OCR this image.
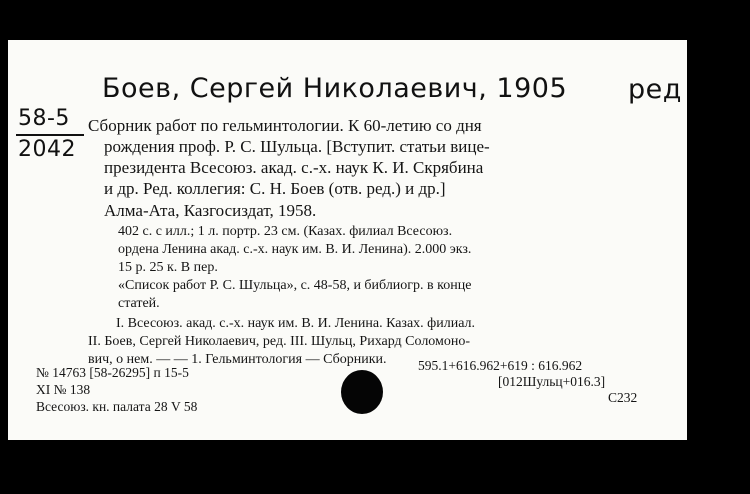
Боев, Сергей Николаевич, 1905 ред
58-5
2042
Сборник работ по гельминтологии. К 60-летию со дня
рождения проф. Р. С. Шульца. [Вступит. статьи вице-
президента Всесоюз. акад. с.-х. наук К. И. Скрябина
и др. Ред. коллегия: С. Н. Боев (отв. ред.) и др.]
Алма-Ата, Казгосиздат, 1958.
402 с. с илл.; 1 л. портр. 23 см. (Казах. филиал Всесоюз.
ордена Ленина акад. с.-х. наук им. В. И. Ленина). 2.000 экз.
15 р. 25 к. В пер.
«Список работ Р. С. Шульца», с. 48-58, и библиогр. в конце
статей.
I. Всесоюз. акад. с.-х. наук им. В. И. Ленина. Казах. филиал.
II. Боев, Сергей Николаевич, ред. III. Шульц, Рихард Соломоно-
вич, о нем. — — 1. Гельминтология — Сборники.
№ 14763 [58-26295] п 15-5	595.1+616.962+619 : 616.962
XI № 138
[012Шульц+016.3]
Всесоюз. кн. палата 28 V 58
С232
